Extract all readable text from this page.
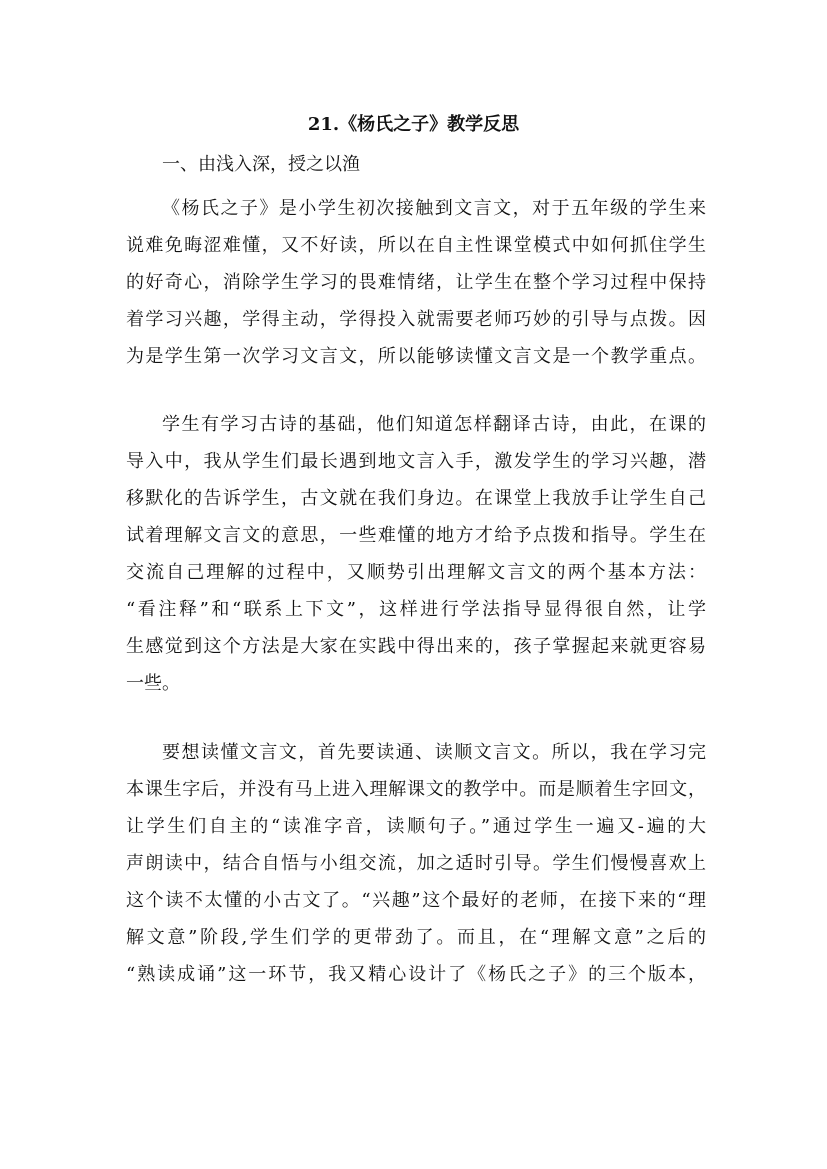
21.《杨氏之子》教学反思
一、由浅入深，授之以渔

《杨氏之子》是小学生初次接触到文言文，对于五年级的学生来

说难免晦涩难懂，又不好读，所以在自主性课堂模式中如何抓住学生

的好奇心，消除学生学习的畏难情绪，让学生在整个学习过程中保持

着学习兴趣，学得主动，学得投入就需要老师巧妙的引导与点拨。因

为是学生第一次学习文言文，所以能够读懂文言文是一个教学重点。

学生有学习古诗的基础，他们知道怎样翻译古诗，由此，在课的

导入中，我从学生们最长遇到地文言入手，激发学生的学习兴趣，潜

移默化的告诉学生，古文就在我们身边。在课堂上我放手让学生自己

试着理解文言文的意思，一些难懂的地方才给予点拨和指导。学生在

交流自己理解的过程中，又顺势引出理解文言文的两个基本方法：

“看注释”和“联系上下文”，这样进行学法指导显得很自然，让学

生感觉到这个方法是大家在实践中得出来的，孩子掌握起来就更容易

一些。

要想读懂文言文，首先要读通、读顺文言文。所以，我在学习完

本课生字后，并没有马上进入理解课文的教学中。而是顺着生字回文，

让学生们自主的“读准字音，读顺句子。”通过学生一遍又-遍的大

声朗读中，结合自悟与小组交流，加之适时引导。学生们慢慢喜欢上

这个读不太懂的小古文了。“兴趣”这个最好的老师，在接下来的“理

解文意”阶段,学生们学的更带劲了。而且，在“理解文意”之后的

“熟读成诵”这一环节，我又精心设计了《杨氏之子》的三个版本，
